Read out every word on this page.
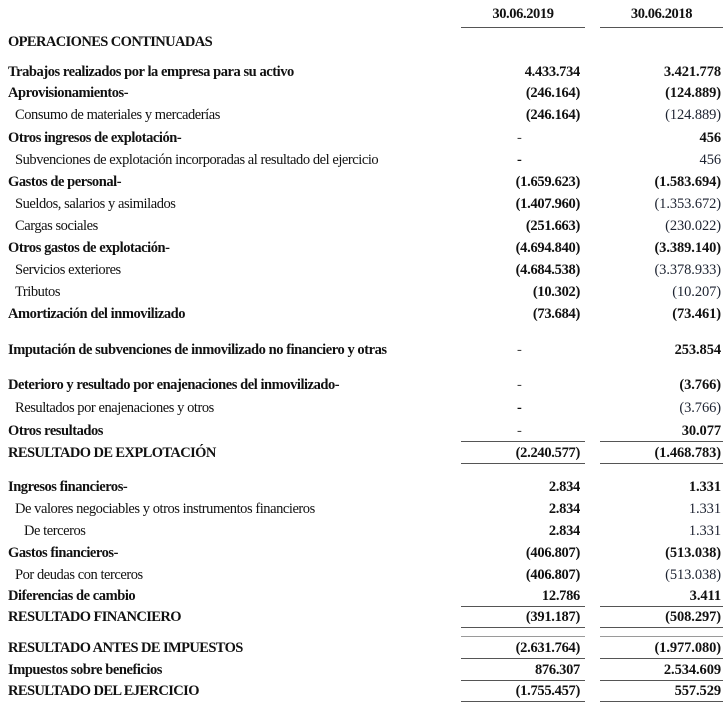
30.06.2019	30.06.2018
OPERACIONES CONTINUADAS
Trabajos realizados por la empresa para su activo	4.433.734	3.421.778
Aprovisionamientos-	(246.164)	(124.889)
Consumo de materiales y mercaderías	(246.164)	(124.889)
Otros ingresos de explotación-	-	456
Subvenciones de explotación incorporadas al resultado del ejercicio	-	456
Gastos de personal-	(1.659.623)	(1.583.694)
Sueldos, salarios y asimilados	(1.407.960)	(1.353.672)
Cargas sociales	(251.663)	(230.022)
Otros gastos de explotación-	(4.694.840)	(3.389.140)
Servicios exteriores	(4.684.538)	(3.378.933)
Tributos	(10.302)	(10.207)
Amortización del inmovilizado	(73.684)	(73.461)
Imputación de subvenciones de inmovilizado no financiero y otras	-	253.854
Deterioro y resultado por enajenaciones del inmovilizado-	-	(3.766)
Resultados por enajenaciones y otros	-	(3.766)
Otros resultados	-	30.077
RESULTADO DE EXPLOTACIÓN	(2.240.577)	(1.468.783)
Ingresos financieros-	2.834	1.331
De valores negociables y otros instrumentos financieros	2.834	1.331
De terceros	2.834	1.331
Gastos financieros-	(406.807)	(513.038)
Por deudas con terceros	(406.807)	(513.038)
Diferencias de cambio	12.786	3.411
RESULTADO FINANCIERO	(391.187)	(508.297)
RESULTADO ANTES DE IMPUESTOS	(2.631.764)	(1.977.080)
Impuestos sobre beneficios	876.307	2.534.609
RESULTADO DEL EJERCICIO	(1.755.457)	557.529
